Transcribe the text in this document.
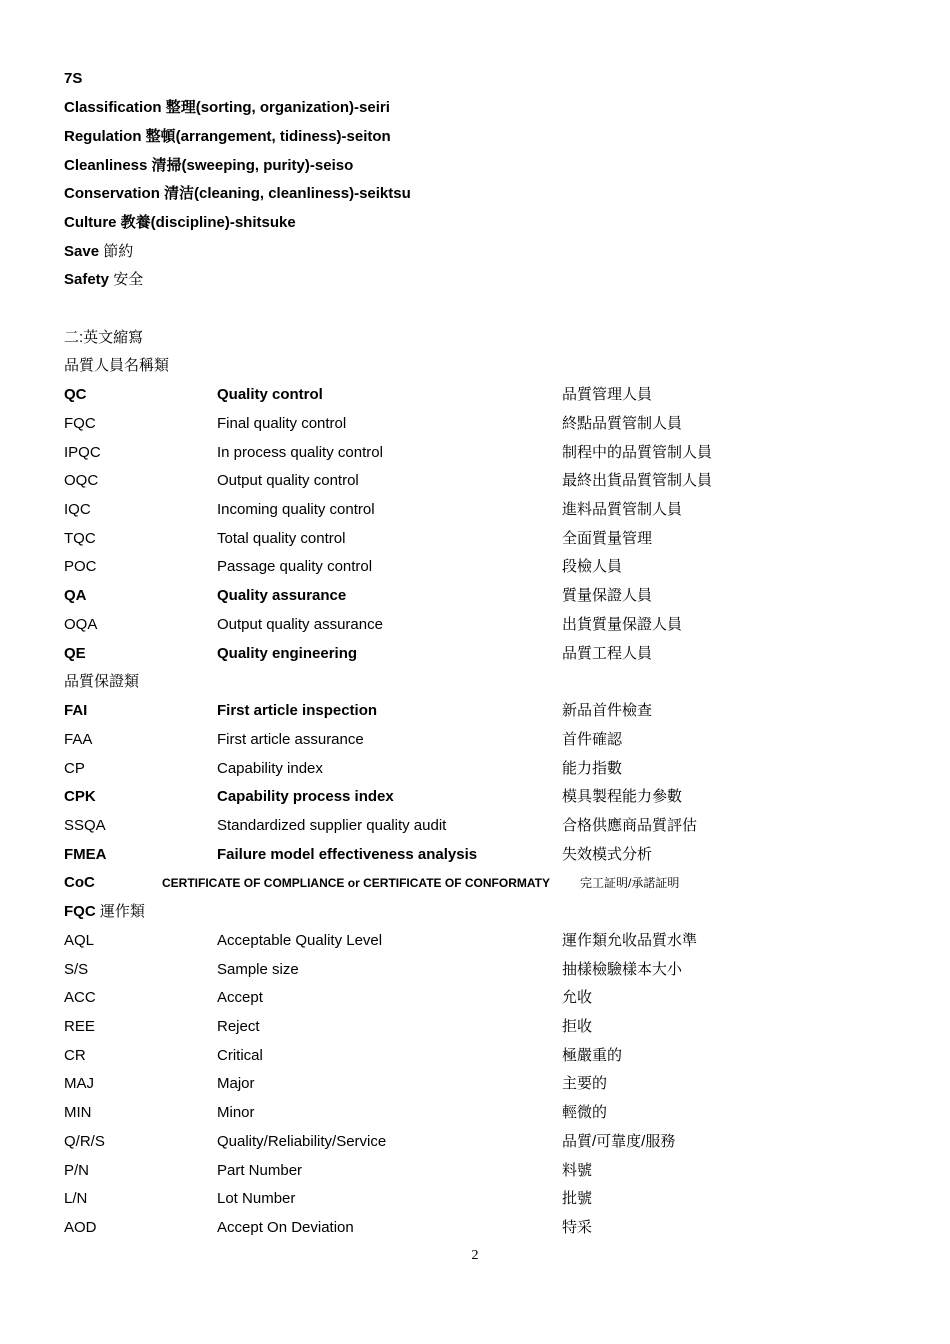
7S
Classification 整理(sorting, organization)-seiri
Regulation 整頓(arrangement, tidiness)-seiton
Cleanliness 清掃(sweeping, purity)-seiso
Conservation 清洁(cleaning, cleanliness)-seiktsu
Culture 教養(discipline)-shitsuke
Save 節約
Safety 安全
二:英文縮寫
品質人員名稱類
QC	Quality control	品質管理人員
FQC	Final quality control	終點品質管制人員
IPQC	In process quality control	制程中的品質管制人員
OQC	Output quality control	最終出貨品質管制人員
IQC	Incoming quality control	進料品質管制人員
TQC	Total quality control	全面質量管理
POC	Passage quality control	段檢人員
QA	Quality assurance	質量保證人員
OQA	Output quality assurance	出貨質量保證人員
QE	Quality engineering	品質工程人員
品質保證類
FAI	First article inspection	新品首件檢查
FAA	First article assurance	首件確認
CP	Capability index	能力指數
CPK	Capability process index	模具製程能力參數
SSQA	Standardized supplier quality audit	合格供應商品質評估
FMEA	Failure model effectiveness analysis	失效模式分析
CoC	CERTIFICATE OF COMPLIANCE or CERTIFICATE OF CONFORMATY	完工証明/承諾証明
FQC 運作類
AQL	Acceptable Quality Level	運作類允收品質水準
S/S	Sample size	抽樣檢驗樣本大小
ACC	Accept	允收
REE	Reject	拒收
CR	Critical	極嚴重的
MAJ	Major	主要的
MIN	Minor	輕微的
Q/R/S	Quality/Reliability/Service	品質/可靠度/服務
P/N	Part Number	料號
L/N	Lot Number	批號
AOD	Accept On Deviation	特采
2
